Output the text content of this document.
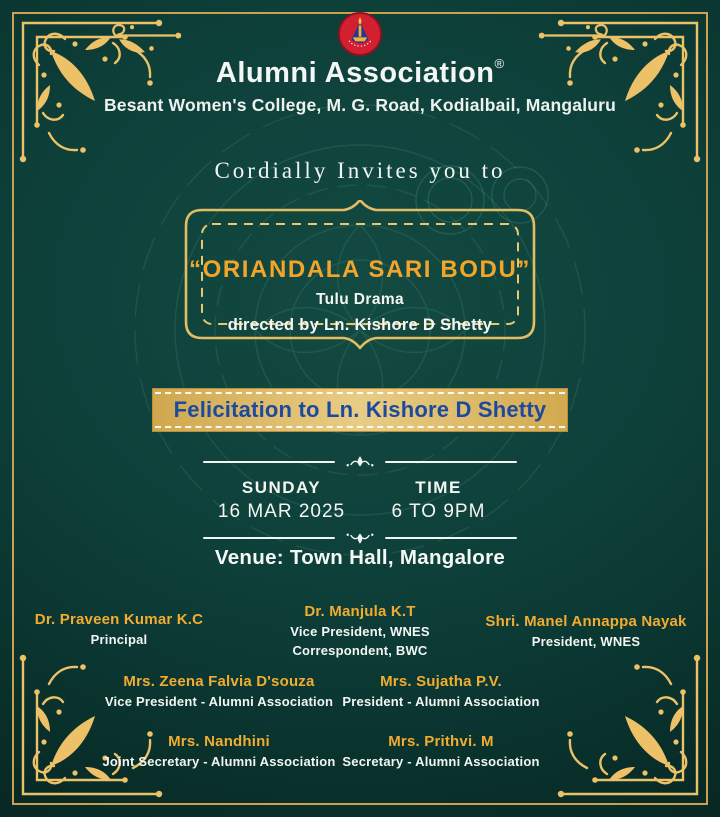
Alumni Association®
Besant Women's College, M. G. Road, Kodialbail, Mangaluru
Cordially Invites you to
“ORIANDALA SARI BODU”
Tulu Drama
directed by Ln. Kishore D Shetty
Felicitation to Ln. Kishore D Shetty
SUNDAY
16 MAR 2025
TIME
6 TO 9PM
Venue: Town Hall, Mangalore
Dr. Praveen Kumar K.C
Principal
Dr. Manjula K.T
Vice President, WNES
Correspondent, BWC
Shri. Manel Annappa Nayak
President, WNES
Mrs. Zeena Falvia D'souza
Vice President - Alumni Association
Mrs. Sujatha P.V.
President - Alumni Association
Mrs. Nandhini
Joint Secretary - Alumni Association
Mrs. Prithvi. M
Secretary - Alumni Association
